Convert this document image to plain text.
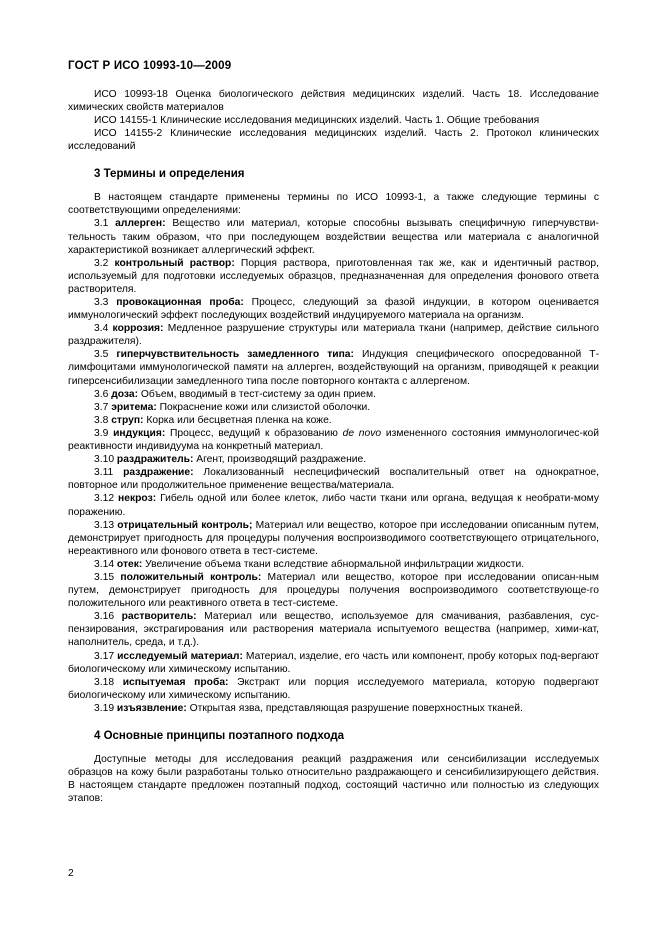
ГОСТ Р ИСО 10993-10—2009
ИСО 10993-18 Оценка биологического действия медицинских изделий. Часть 18. Исследование химических свойств материалов
ИСО 14155-1 Клинические исследования медицинских изделий. Часть 1. Общие требования
ИСО 14155-2 Клинические исследования медицинских изделий. Часть 2. Протокол клинических исследований
3 Термины и определения
В настоящем стандарте применены термины по ИСО 10993-1, а также следующие термины с соответствующими определениями:
3.1 аллерген: Вещество или материал, которые способны вызывать специфичную гиперчувстви-тельность таким образом, что при последующем воздействии вещества или материала с аналогичной характеристикой возникает аллергический эффект.
3.2 контрольный раствор: Порция раствора, приготовленная так же, как и идентичный раствор, используемый для подготовки исследуемых образцов, предназначенная для определения фонового ответа растворителя.
3.3 провокационная проба: Процесс, следующий за фазой индукции, в котором оценивается иммунологический эффект последующих воздействий индуцируемого материала на организм.
3.4 коррозия: Медленное разрушение структуры или материала ткани (например, действие сильного раздражителя).
3.5 гиперчувствительность замедленного типа: Индукция специфического опосредованной Т-лимфоцитами иммунологической памяти на аллерген, воздействующий на организм, приводящей к реакции гиперсенсибилизации замедленного типа после повторного контакта с аллергеном.
3.6 доза: Объем, вводимый в тест-систему за один прием.
3.7 эритема: Покраснение кожи или слизистой оболочки.
3.8 струп: Корка или бесцветная пленка на коже.
3.9 индукция: Процесс, ведущий к образованию de novo измененного состояния иммунологичес-кой реактивности индивидуума на конкретный материал.
3.10 раздражитель: Агент, производящий раздражение.
3.11 раздражение: Локализованный неспецифический воспалительный ответ на однократное, повторное или продолжительное применение вещества/материала.
3.12 некроз: Гибель одной или более клеток, либо части ткани или органа, ведущая к необрати-мому поражению.
3.13 отрицательный контроль; Материал или вещество, которое при исследовании описанным путем, демонстрирует пригодность для процедуры получения воспроизводимого соответствующего отрицательного, нереактивного или фонового ответа в тест-системе.
3.14 отек: Увеличение объема ткани вследствие абнормальной инфильтрации жидкости.
3.15 положительный контроль: Материал или вещество, которое при исследовании описан-ным путем, демонстрирует пригодность для процедуры получения воспроизводимого соответствующе-го положительного или реактивного ответа в тест-системе.
3.16 растворитель: Материал или вещество, используемое для смачивания, разбавления, сус-пензирования, экстрагирования или растворения материала испытуемого вещества (например, хими-кат, наполнитель, среда, и т.д.).
3.17 исследуемый материал: Материал, изделие, его часть или компонент, пробу которых под-вергают биологическому или химическому испытанию.
3.18 испытуемая проба: Экстракт или порция исследуемого материала, которую подвергают биологическому или химическому испытанию.
3.19 изъязвление: Открытая язва, представляющая разрушение поверхностных тканей.
4 Основные принципы поэтапного подхода
Доступные методы для исследования реакций раздражения или сенсибилизации исследуемых образцов на кожу были разработаны только относительно раздражающего и сенсибилизирующего действия. В настоящем стандарте предложен поэтапный подход, состоящий частично или полностью из следующих этапов:
2
